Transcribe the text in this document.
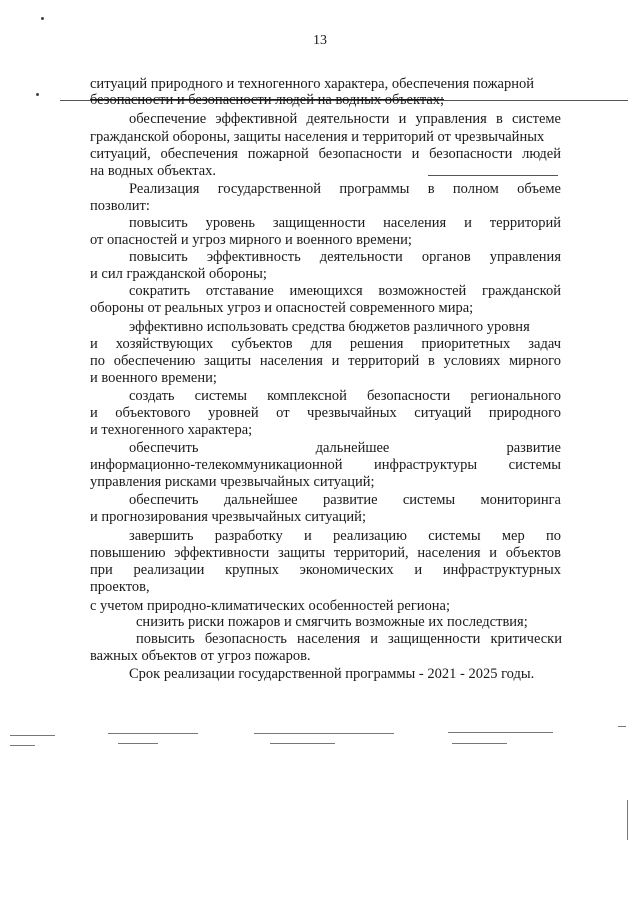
13
ситуаций природного и техногенного характера, обеспечения пожарной
безопасности и безопасности людей на водных объектах;
обеспечение эффективной деятельности и управления в системе
гражданской обороны, защиты населения и территорий от чрезвычайных
ситуаций, обеспечения пожарной безопасности и безопасности людей
на водных объектах.
Реализация государственной программы в полном объеме
позволит:
повысить уровень защищенности населения и территорий
от опасностей и угроз мирного и военного времени;
повысить эффективность деятельности органов управления
и сил гражданской обороны;
сократить отставание имеющихся возможностей гражданской
обороны от реальных угроз и опасностей современного мира;
эффективно использовать средства бюджетов различного уровня
и хозяйствующих субъектов для решения приоритетных задач
по обеспечению защиты населения и территорий в условиях мирного
и военного времени;
создать системы комплексной безопасности регионального
и объектового уровней от чрезвычайных ситуаций природного
и техногенного характера;
обеспечить дальнейшее развитие
информационно-телекоммуникационной инфраструктуры системы
управления рисками чрезвычайных ситуаций;
обеспечить дальнейшее развитие системы мониторинга
и прогнозирования чрезвычайных ситуаций;
завершить разработку и реализацию системы мер по
повышению эффективности защиты территорий, населения и объектов
при реализации крупных экономических и инфраструктурных
проектов,
с учетом природно-климатических особенностей региона;
снизить риски пожаров и смягчить возможные их последствия;
повысить безопасность населения и защищенности критически
важных объектов от угроз пожаров.
Срок реализации государственной программы - 2021 - 2025 годы.
